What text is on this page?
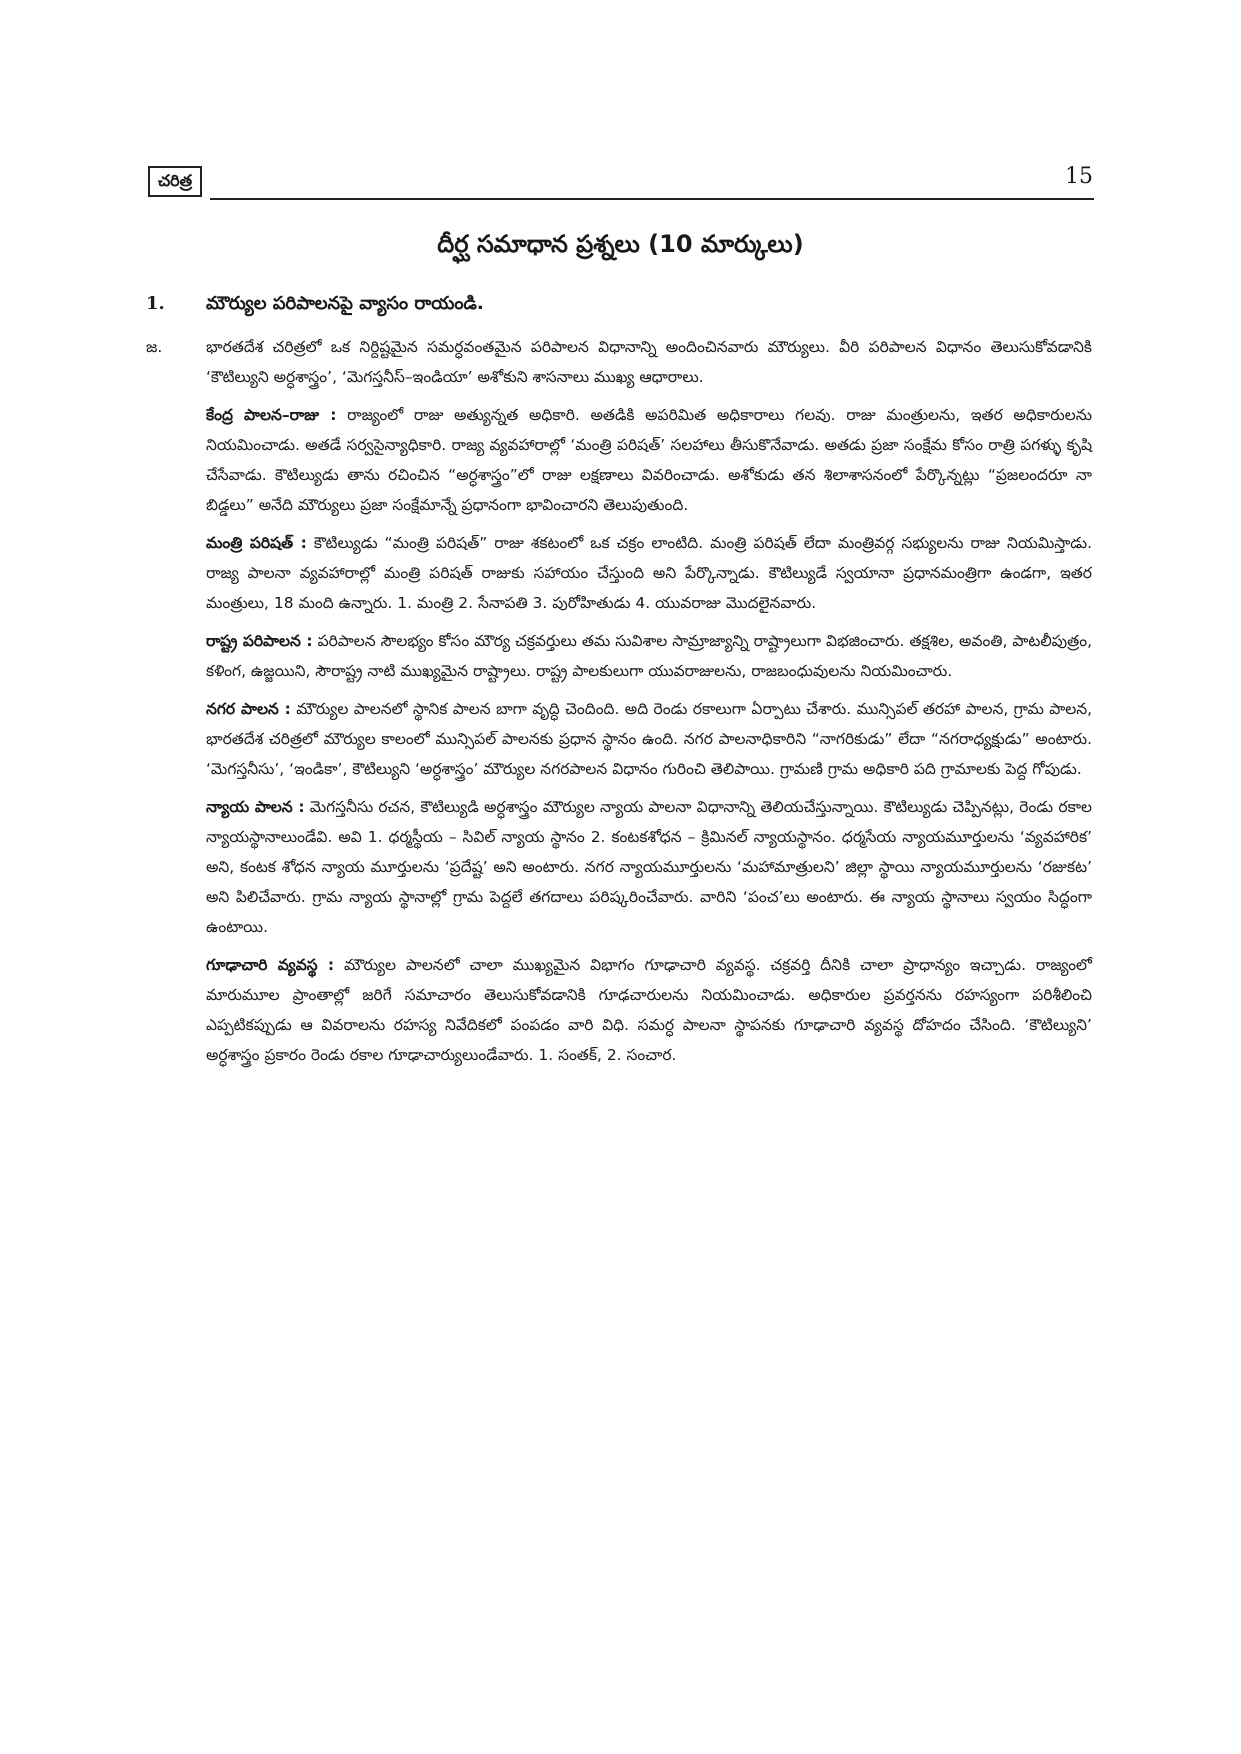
చరిత్ర	15
దీర్ఘ సమాధాన ప్రశ్నలు (10 మార్కులు)
1. మౌర్యుల పరిపాలనపై వ్యాసం రాయండి.
జ.	భారతదేశ చరిత్రలో ఒక నిర్దిష్టమైన సమర్ధవంతమైన పరిపాలన విధానాన్ని అందించినవారు మౌర్యులు. వీరి పరిపాలన విధానం తెలుసుకోవడానికి ‘కౌటిల్యుని అర్ధశాస్త్రం’, ‘మెగస్తనీస్–ఇండియా’ అశోకుని శాసనాలు ముఖ్య ఆధారాలు.

కేంద్ర పాలన–రాజు : రాజ్యంలో రాజు అత్యున్నత అధికారి. అతడికి అపరిమిత అధికారాలు గలవు. రాజు మంత్రులను, ఇతర అధికారులను నియమించాడు. అతడే సర్వసైన్యాధికారి. రాజ్య వ్యవహారాల్లో ‘మంత్రి పరిషత్’ సలహాలు తీసుకొనేవాడు. అతడు ప్రజా సంక్షేమ కోసం రాత్రి పగళ్ళు కృషి చేసేవాడు. కౌటిల్యుడు తాను రచించిన “అర్ధశాస్త్రం”లో రాజు లక్షణాలు వివరించాడు. అశోకుడు తన శిలాశాసనంలో పేర్కొన్నట్లు “ప్రజలందరూ నా బిడ్డలు” అనేది మౌర్యులు ప్రజా సంక్షేమాన్నే ప్రధానంగా భావించారని తెలుపుతుంది.

మంత్రి పరిషత్ : కౌటిల్యుడు “మంత్రి పరిషత్” రాజు శకటంలో ఒక చక్రం లాంటిది. మంత్రి పరిషత్ లేదా మంత్రివర్గ సభ్యులను రాజు నియమిస్తాడు. రాజ్య పాలనా వ్యవహారాల్లో మంత్రి పరిషత్ రాజుకు సహాయం చేస్తుంది అని పేర్కొన్నాడు. కౌటిల్యుడే స్వయానా ప్రధానమంత్రిగా ఉండగా, ఇతర మంత్రులు, 18 మంది ఉన్నారు. 1. మంత్రి 2. సేనాపతి 3. పురోహితుడు 4. యువరాజు మొదలైనవారు.

రాష్ట్ర పరిపాలన : పరిపాలన సౌలభ్యం కోసం మౌర్య చక్రవర్తులు తమ సువిశాల సామ్రాజ్యాన్ని రాష్ట్రాలుగా విభజించారు. తక్షశిల, అవంతి, పాటలీపుత్రం, కళింగ, ఉజ్జయిని, సౌరాష్ట్ర నాటి ముఖ్యమైన రాష్ట్రాలు. రాష్ట్ర పాలకులుగా యువరాజులను, రాజబంధువులను నియమించారు.

నగర పాలన : మౌర్యుల పాలనలో స్థానిక పాలన బాగా వృద్ధి చెందింది. అది రెండు రకాలుగా ఏర్పాటు చేశారు. మున్సిపల్ తరహా పాలన, గ్రామ పాలన, భారతదేశ చరిత్రలో మౌర్యుల కాలంలో మున్సిపల్ పాలనకు ప్రధాన స్థానం ఉంది. నగర పాలనాధికారిని “నాగరికుడు” లేదా “నగరాధ్యక్షుడు” అంటారు. ‘మెగస్తనీసు’, ‘ఇండికా’, కౌటిల్యుని ‘అర్ధశాస్త్రం’ మౌర్యుల నగరపాలన విధానం గురించి తెలిపాయి. గ్రామణి గ్రామ అధికారి పది గ్రామాలకు పెద్ద గోపుడు.

న్యాయ పాలన : మెగస్తనీసు రచన, కౌటిల్యుడి అర్ధశాస్త్రం మౌర్యుల న్యాయ పాలనా విధానాన్ని తెలియచేస్తున్నాయి. కౌటిల్యుడు చెప్పినట్లు, రెండు రకాల న్యాయస్థానాలుండేవి. అవి 1. ధర్మస్థీయ – సివిల్ న్యాయ స్థానం 2. కంటకశోధన – క్రిమినల్ న్యాయస్థానం. ధర్మసేయ న్యాయమూర్తులను ‘వ్యవహారిక’ అని, కంటక శోధన న్యాయ మూర్తులను ‘ప్రదేష్ట’ అని అంటారు. నగర న్యాయమూర్తులను ‘మహామాత్రులని’ జిల్లా స్థాయి న్యాయమూర్తులను ‘రజుకట’ అని పిలిచేవారు. గ్రామ న్యాయ స్థానాల్లో గ్రామ పెద్దలే తగదాలు పరిష్కరించేవారు. వారిని ‘పంచ’లు అంటారు. ఈ న్యాయ స్థానాలు స్వయం సిద్ధంగా ఉంటాయి.

గూఢాచారి వ్యవస్థ : మౌర్యుల పాలనలో చాలా ముఖ్యమైన విభాగం గూఢాచారి వ్యవస్థ. చక్రవర్తి దీనికి చాలా ప్రాధాన్యం ఇచ్చాడు. రాజ్యంలో మారుమూల ప్రాంతాల్లో జరిగే సమాచారం తెలుసుకోవడానికి గూఢచారులను నియమించాడు. అధికారుల ప్రవర్తనను రహస్యంగా పరిశీలించి ఎప్పటికప్పుడు ఆ వివరాలను రహస్య నివేదికలో పంపడం వారి విధి. సమర్ధ పాలనా స్థాపనకు గూఢాచారి వ్యవస్థ దోహదం చేసింది. ‘కౌటిల్యుని’ అర్ధశాస్త్రం ప్రకారం రెండు రకాల గూఢాచార్యులుండేవారు. 1. సంతక్, 2. సంచార.
